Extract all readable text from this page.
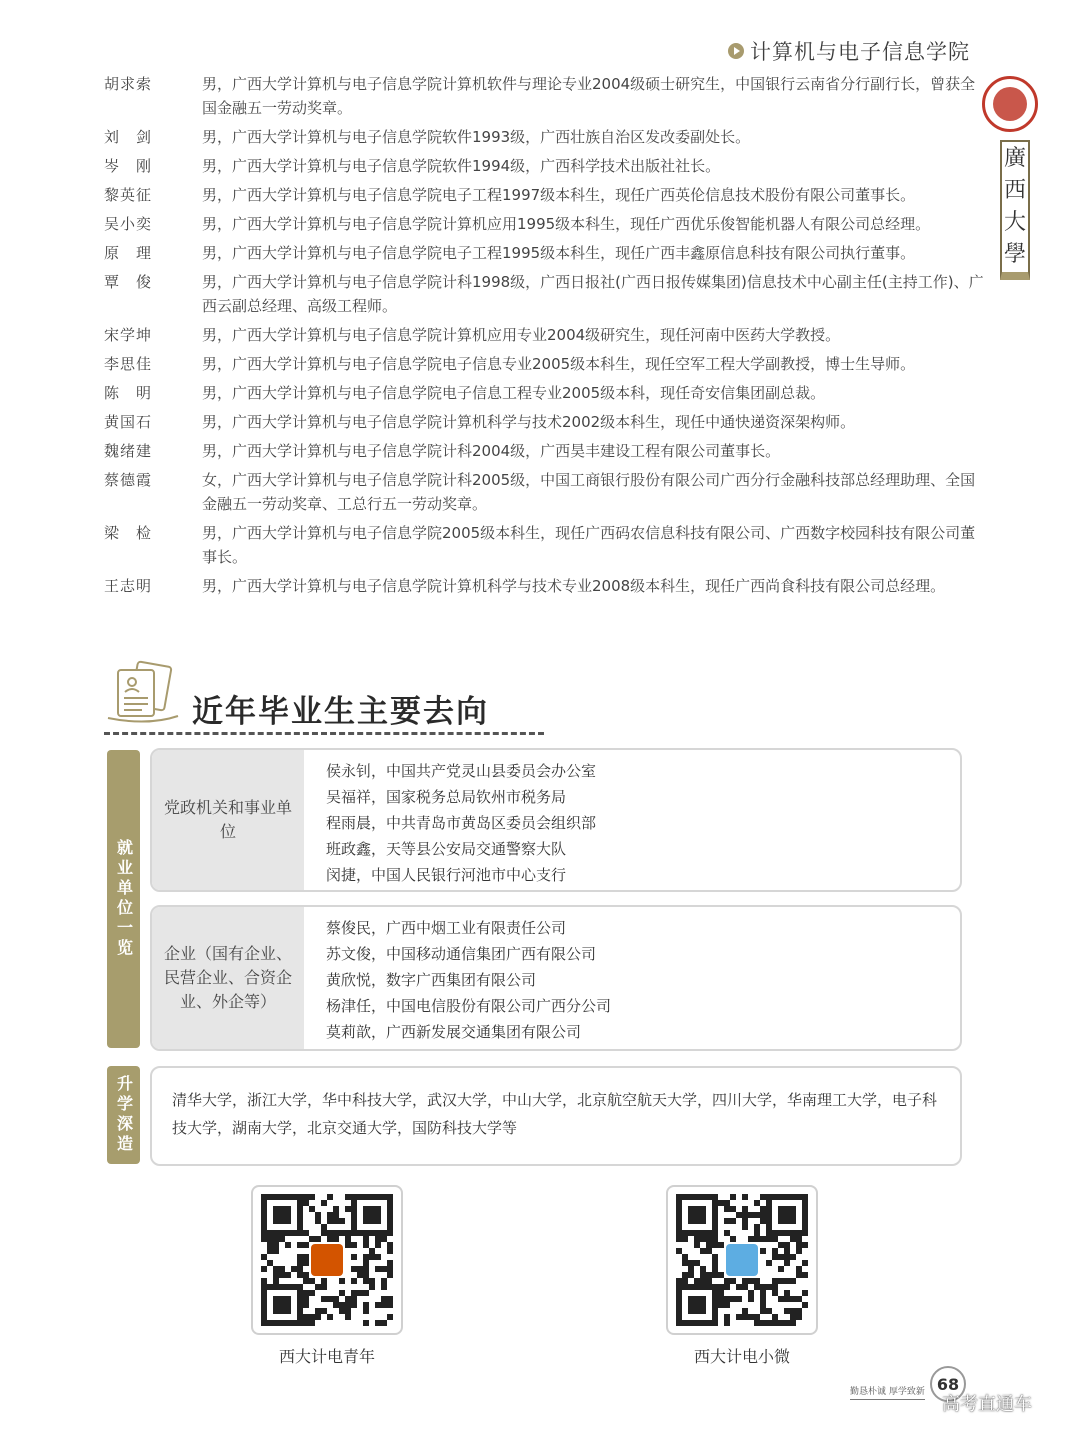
计算机与电子信息学院
廣
西
大
學
胡求索	男，广西大学计算机与电子信息学院计算机软件与理论专业2004级硕士研究生，中国银行云南省分行副行长，曾获全国金融五一劳动奖章。
刘　剑	男，广西大学计算机与电子信息学院软件1993级，广西壮族自治区发改委副处长。
岑　刚	男，广西大学计算机与电子信息学院软件1994级，广西科学技术出版社社长。
黎英征	男，广西大学计算机与电子信息学院电子工程1997级本科生，现任广西英伦信息技术股份有限公司董事长。
吴小奕	男，广西大学计算机与电子信息学院计算机应用1995级本科生，现任广西优乐俊智能机器人有限公司总经理。
原　理	男，广西大学计算机与电子信息学院电子工程1995级本科生，现任广西丰鑫原信息科技有限公司执行董事。
覃　俊	男，广西大学计算机与电子信息学院计科1998级，广西日报社(广西日报传媒集团)信息技术中心副主任(主持工作)、广西云副总经理、高级工程师。
宋学坤	男，广西大学计算机与电子信息学院计算机应用专业2004级研究生，现任河南中医药大学教授。
李思佳	男，广西大学计算机与电子信息学院电子信息专业2005级本科生，现任空军工程大学副教授，博士生导师。
陈　明	男，广西大学计算机与电子信息学院电子信息工程专业2005级本科，现任奇安信集团副总裁。
黄国石	男，广西大学计算机与电子信息学院计算机科学与技术2002级本科生，现任中通快递资深架构师。
魏绪建	男，广西大学计算机与电子信息学院计科2004级，广西昊丰建设工程有限公司董事长。
蔡德霞	女，广西大学计算机与电子信息学院计科2005级，中国工商银行股份有限公司广西分行金融科技部总经理助理、全国金融五一劳动奖章、工总行五一劳动奖章。
梁　检	男，广西大学计算机与电子信息学院2005级本科生，现任广西码农信息科技有限公司、广西数字校园科技有限公司董事长。
王志明	男，广西大学计算机与电子信息学院计算机科学与技术专业2008级本科生，现任广西尚食科技有限公司总经理。
近年毕业生主要去向
就业单位一览
升学深造
党政机关和事业单位
侯永钊，中国共产党灵山县委员会办公室
吴福祥，国家税务总局钦州市税务局
程雨晨，中共青岛市黄岛区委员会组织部
班政鑫，天等县公安局交通警察大队
闵捷，中国人民银行河池市中心支行
企业（国有企业、民营企业、合资企业、外企等）
蔡俊民，广西中烟工业有限责任公司
苏文俊，中国移动通信集团广西有限公司
黄欣悦，数字广西集团有限公司
杨津任，中国电信股份有限公司广西分公司
莫莉歆，广西新发展交通集团有限公司
清华大学，浙江大学，华中科技大学，武汉大学，中山大学，北京航空航天大学，四川大学，华南理工大学，电子科技大学，湖南大学，北京交通大学，国防科技大学等
西大计电青年	西大计电小微
勤恳朴诚 厚学致新 68
高考直通车
